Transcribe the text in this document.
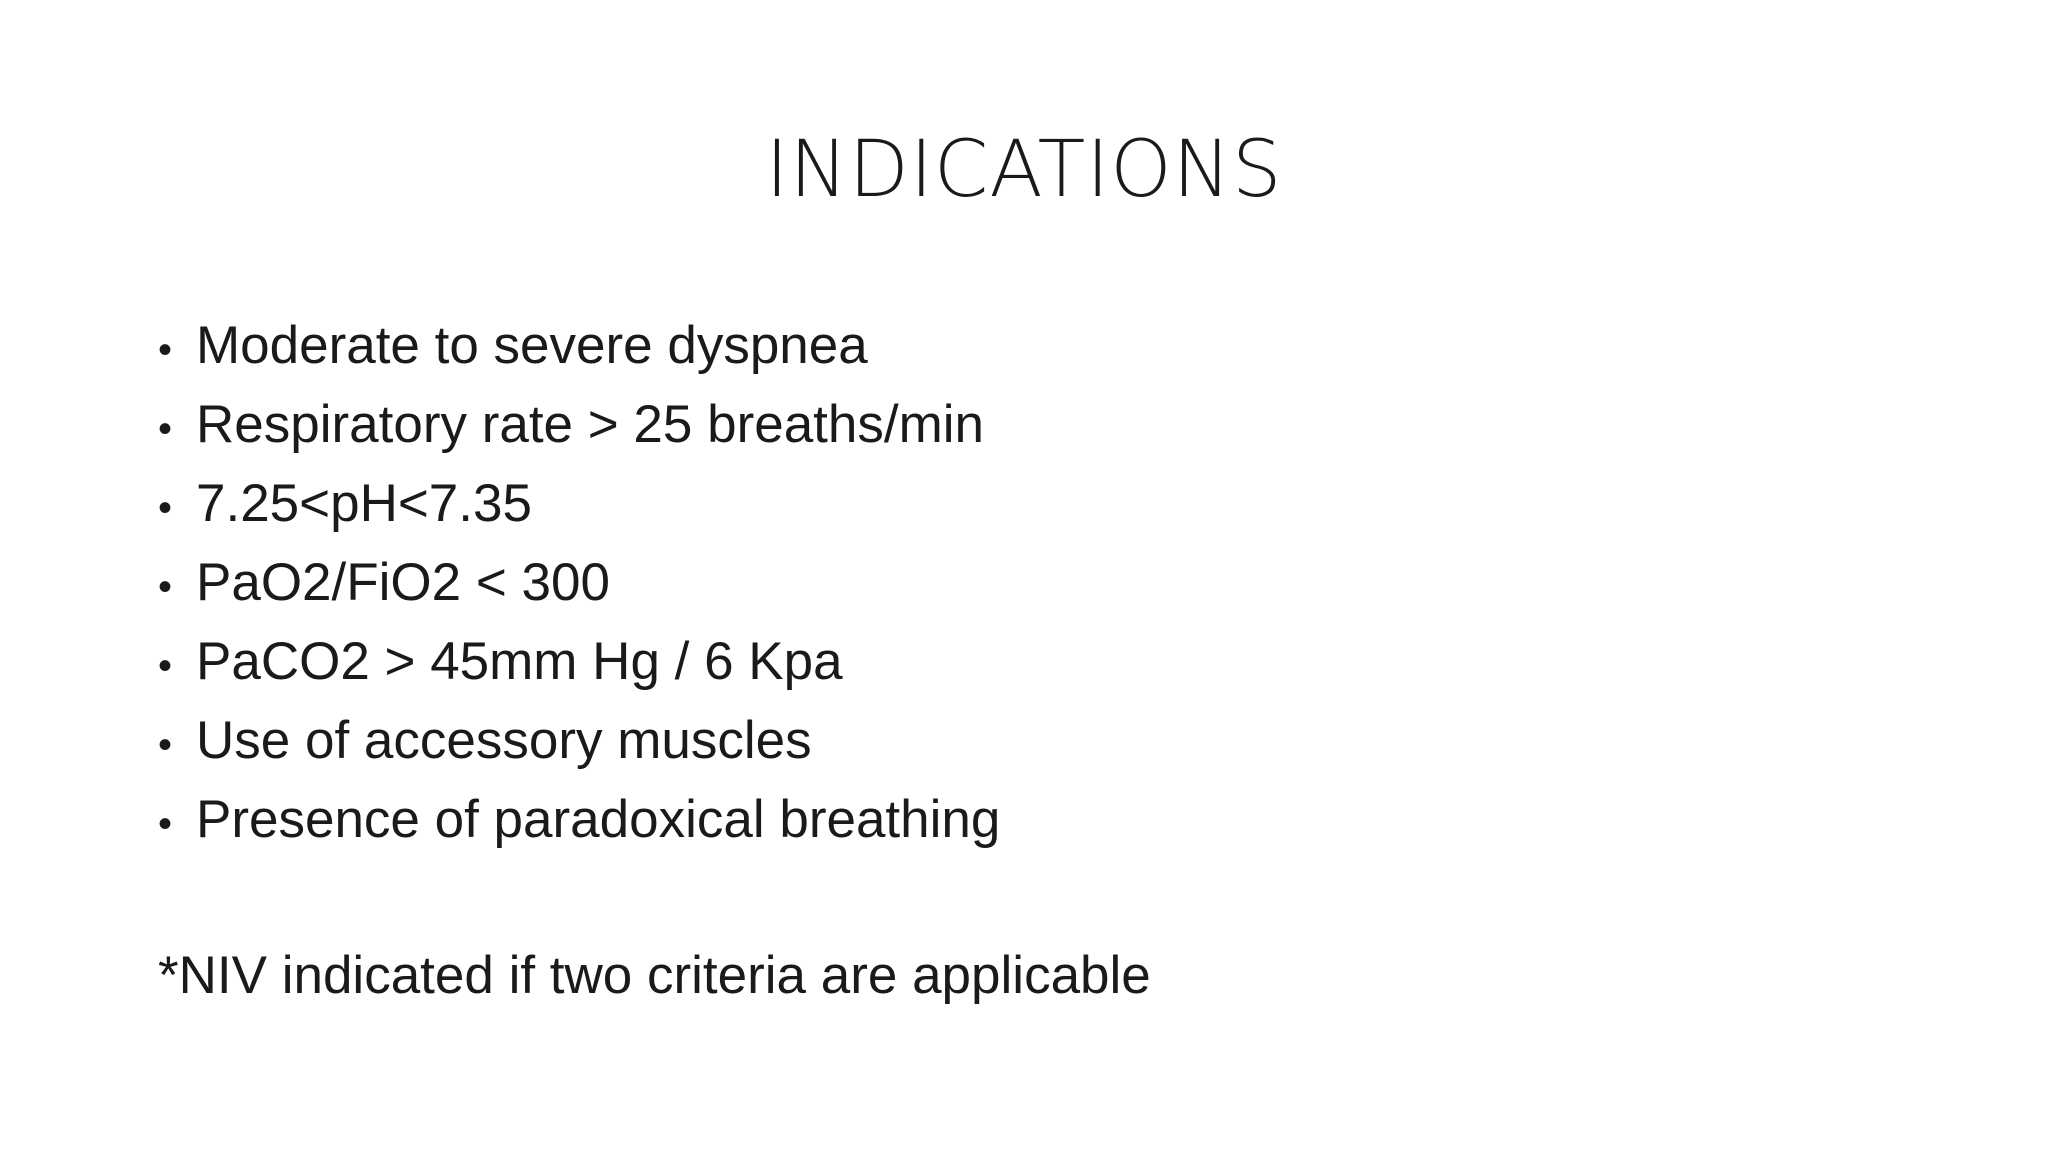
INDICATIONS
• Moderate to severe dyspnea
• Respiratory rate > 25 breaths/min
• 7.25<pH<7.35
• PaO2/FiO2 < 300
• PaCO2 > 45mm Hg / 6 Kpa
• Use of accessory muscles
• Presence of paradoxical breathing

*NIV indicated if two criteria are applicable
